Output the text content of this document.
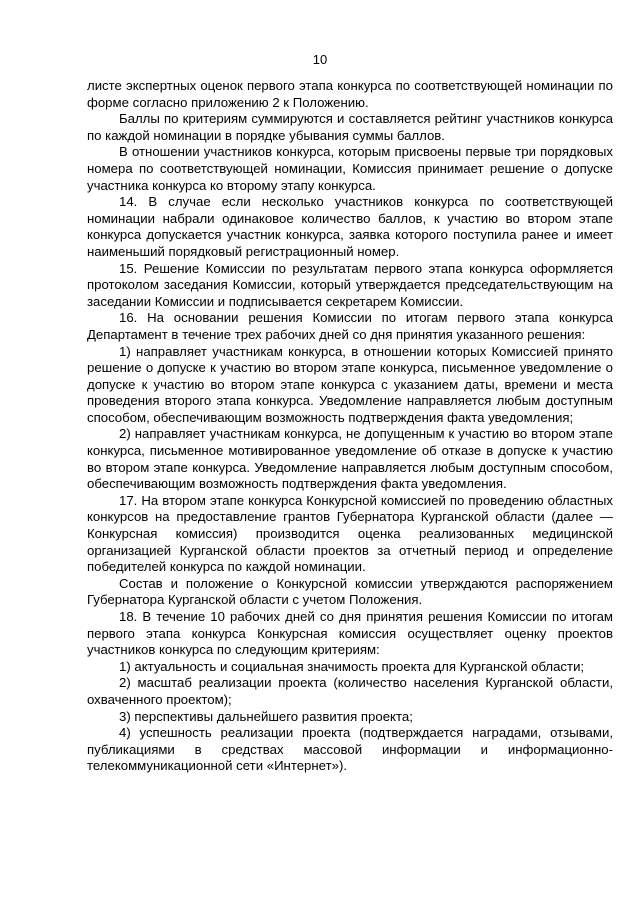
10

листе экспертных оценок первого этапа конкурса по соответствующей номинации по форме согласно приложению 2 к Положению.

Баллы по критериям суммируются и составляется рейтинг участников конкурса по каждой номинации в порядке убывания суммы баллов.

В отношении участников конкурса, которым присвоены первые три порядковых номера по соответствующей номинации, Комиссия принимает решение о допуске участника конкурса ко второму этапу конкурса.

14. В случае если несколько участников конкурса по соответствующей номинации набрали одинаковое количество баллов, к участию во втором этапе конкурса допускается участник конкурса, заявка которого поступила ранее и имеет наименьший порядковый регистрационный номер.

15. Решение Комиссии по результатам первого этапа конкурса оформляется протоколом заседания Комиссии, который утверждается председательствующим на заседании Комиссии и подписывается секретарем Комиссии.

16. На основании решения Комиссии по итогам первого этапа конкурса Департамент в течение трех рабочих дней со дня принятия указанного решения:

1) направляет участникам конкурса, в отношении которых Комиссией принято решение о допуске к участию во втором этапе конкурса, письменное уведомление о допуске к участию во втором этапе конкурса с указанием даты, времени и места проведения второго этапа конкурса. Уведомление направляется любым доступным способом, обеспечивающим возможность подтверждения факта уведомления;

2) направляет участникам конкурса, не допущенным к участию во втором этапе конкурса, письменное мотивированное уведомление об отказе в допуске к участию во втором этапе конкурса. Уведомление направляется любым доступным способом, обеспечивающим возможность подтверждения факта уведомления.

17. На втором этапе конкурса Конкурсной комиссией по проведению областных конкурсов на предоставление грантов Губернатора Курганской области (далее — Конкурсная комиссия) производится оценка реализованных медицинской организацией Курганской области проектов за отчетный период и определение победителей конкурса по каждой номинации.

Состав и положение о Конкурсной комиссии утверждаются распоряжением Губернатора Курганской области с учетом Положения.

18. В течение 10 рабочих дней со дня принятия решения Комиссии по итогам первого этапа конкурса Конкурсная комиссия осуществляет оценку проектов участников конкурса по следующим критериям:

1) актуальность и социальная значимость проекта для Курганской области;

2) масштаб реализации проекта (количество населения Курганской области, охваченного проектом);

3) перспективы дальнейшего развития проекта;

4) успешность реализации проекта (подтверждается наградами, отзывами, публикациями в средствах массовой информации и информационно-телекоммуникационной сети «Интернет»).
